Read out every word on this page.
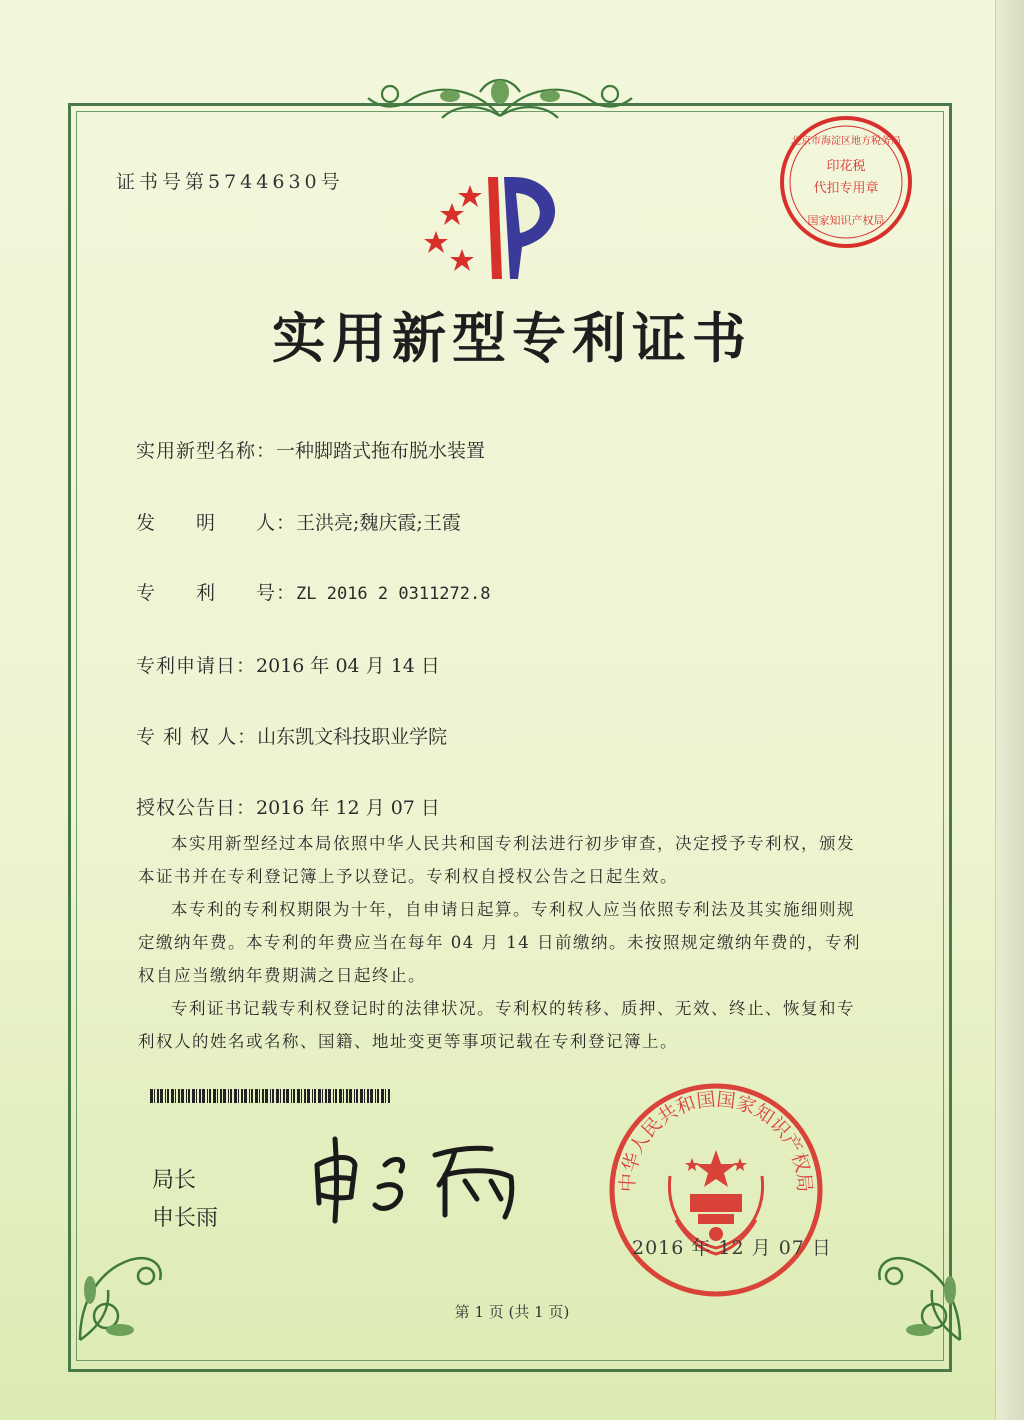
证书号第5744630号
印花税
代扣专用章
北京市海淀区地方税务局
国家知识产权局
实用新型专利证书
实用新型名称：一种脚踏式拖布脱水装置
发　　明　　人：王洪亮;魏庆霞;王霞
专　　利　　号：ZL 2016 2 0311272.8
专利申请日：2016 年 04 月 14 日
专 利 权 人：山东凯文科技职业学院
授权公告日：2016 年 12 月 07 日

本实用新型经过本局依照中华人民共和国专利法进行初步审查，决定授予专利权，颁发本证书并在专利登记簿上予以登记。专利权自授权公告之日起生效。

本专利的专利权期限为十年，自申请日起算。专利权人应当依照专利法及其实施细则规定缴纳年费。本专利的年费应当在每年 04 月 14 日前缴纳。未按照规定缴纳年费的，专利权自应当缴纳年费期满之日起终止。

专利证书记载专利权登记时的法律状况。专利权的转移、质押、无效、终止、恢复和专利权人的姓名或名称、国籍、地址变更等事项记载在专利登记簿上。

局长
申长雨
中华人民共和国国家知识产权局
2016 年 12 月 07 日
第 1 页 (共 1 页)
